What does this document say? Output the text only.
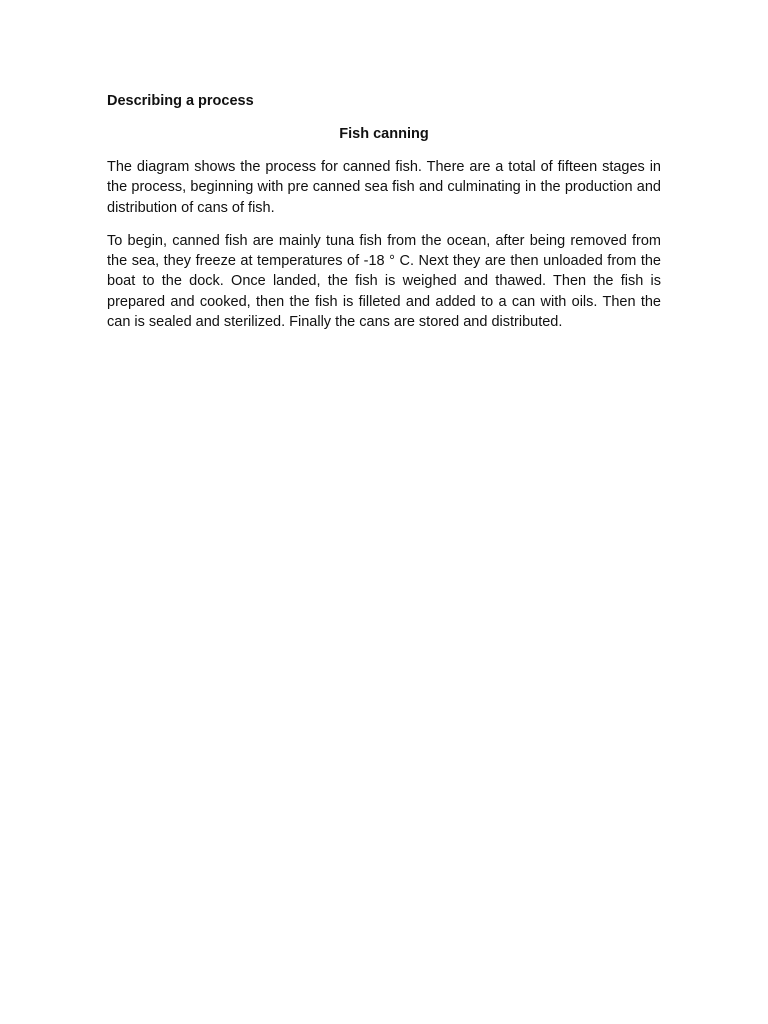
Describing a process

Fish canning

The diagram shows the process for canned fish. There are a total of fifteen stages in the process, beginning with pre canned sea fish and culminating in the production and distribution of cans of fish.

To begin, canned fish are mainly tuna fish from the ocean, after being removed from the sea, they freeze at temperatures of -18 ° C. Next they are then unloaded from the boat to the dock. Once landed, the fish is weighed and thawed. Then the fish is prepared and cooked, then the fish is filleted and added to a can with oils. Then the can is sealed and sterilized. Finally the cans are stored and distributed.
